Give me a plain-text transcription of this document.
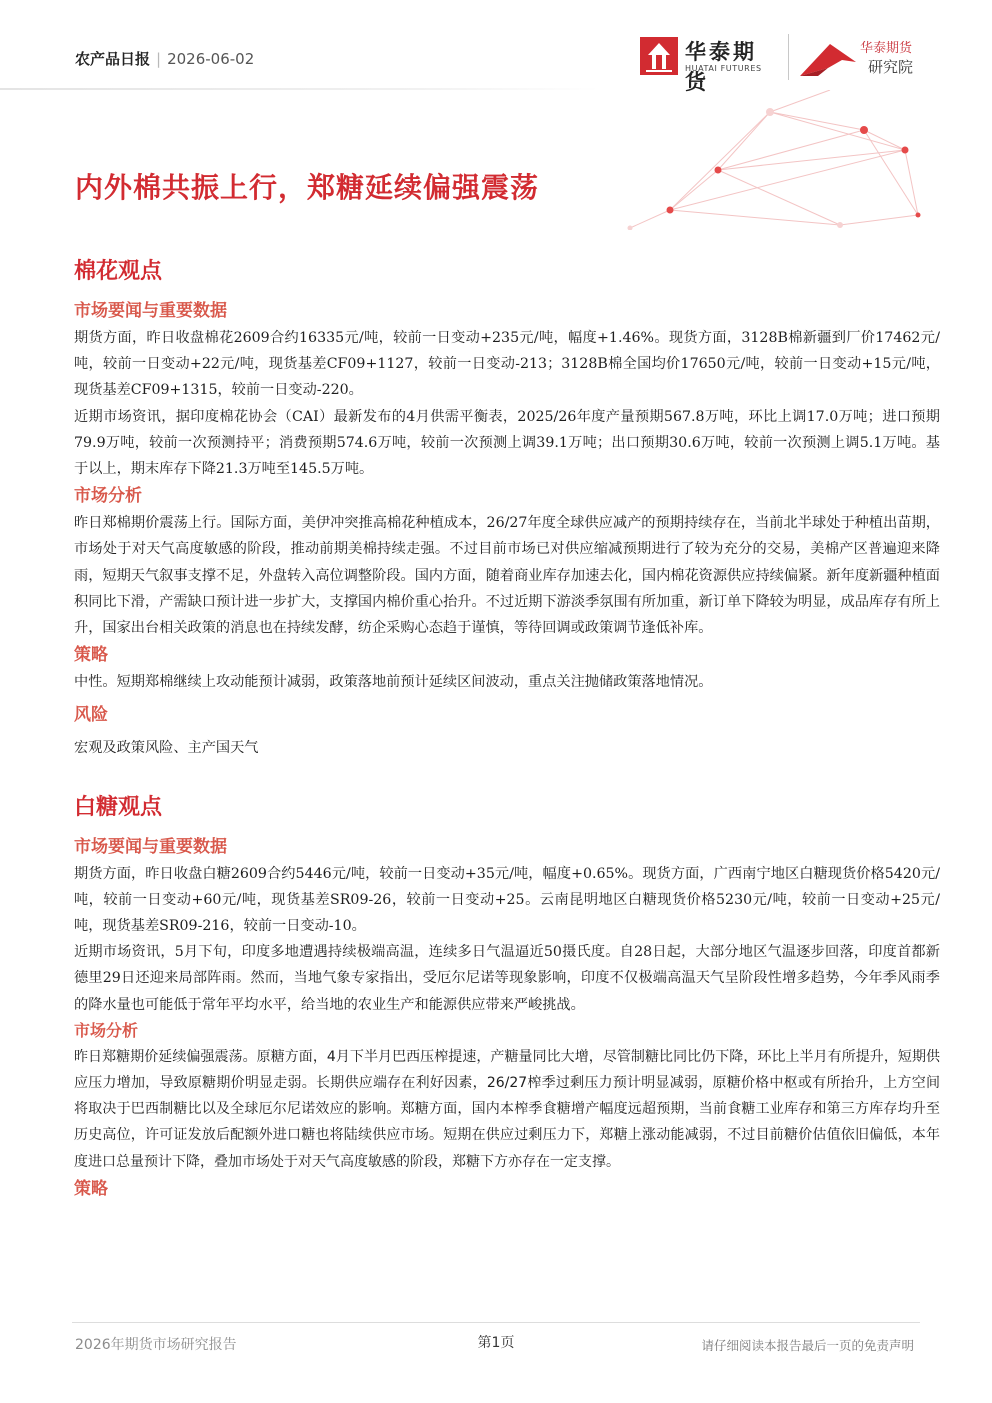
农产品日报 | 2026-06-02	华泰期货
HUATAI FUTURES
华泰期货
研究院
内外棉共振上行，郑糖延续偏强震荡
棉花观点
市场要闻与重要数据

期货方面，昨日收盘棉花2609合约16335元/吨，较前一日变动+235元/吨，幅度+1.46%。现货方面，3128B棉新疆到厂价17462元/吨，较前一日变动+22元/吨，现货基差CF09+1127，较前一日变动-213；3128B棉全国均价17650元/吨，较前一日变动+15元/吨，现货基差CF09+1315，较前一日变动-220。

近期市场资讯，据印度棉花协会（CAI）最新发布的4月供需平衡表，2025/26年度产量预期567.8万吨，环比上调17.0万吨；进口预期79.9万吨，较前一次预测持平；消费预期574.6万吨，较前一次预测上调39.1万吨；出口预期30.6万吨，较前一次预测上调5.1万吨。基于以上，期末库存下降21.3万吨至145.5万吨。

市场分析

昨日郑棉期价震荡上行。国际方面，美伊冲突推高棉花种植成本，26/27年度全球供应减产的预期持续存在，当前北半球处于种植出苗期，市场处于对天气高度敏感的阶段，推动前期美棉持续走强。不过目前市场已对供应缩减预期进行了较为充分的交易，美棉产区普遍迎来降雨，短期天气叙事支撑不足，外盘转入高位调整阶段。国内方面，随着商业库存加速去化，国内棉花资源供应持续偏紧。新年度新疆种植面积同比下滑，产需缺口预计进一步扩大，支撑国内棉价重心抬升。不过近期下游淡季氛围有所加重，新订单下降较为明显，成品库存有所上升，国家出台相关政策的消息也在持续发酵，纺企采购心态趋于谨慎，等待回调或政策调节逢低补库。

策略

中性。短期郑棉继续上攻动能预计减弱，政策落地前预计延续区间波动，重点关注抛储政策落地情况。

风险

宏观及政策风险、主产国天气

白糖观点
市场要闻与重要数据

期货方面，昨日收盘白糖2609合约5446元/吨，较前一日变动+35元/吨，幅度+0.65%。现货方面，广西南宁地区白糖现货价格5420元/吨，较前一日变动+60元/吨，现货基差SR09-26，较前一日变动+25。云南昆明地区白糖现货价格5230元/吨，较前一日变动+25元/吨，现货基差SR09-216，较前一日变动-10。

近期市场资讯，5月下旬，印度多地遭遇持续极端高温，连续多日气温逼近50摄氏度。自28日起，大部分地区气温逐步回落，印度首都新德里29日还迎来局部阵雨。然而，当地气象专家指出，受厄尔尼诺等现象影响，印度不仅极端高温天气呈阶段性增多趋势，今年季风雨季的降水量也可能低于常年平均水平，给当地的农业生产和能源供应带来严峻挑战。

市场分析

昨日郑糖期价延续偏强震荡。原糖方面，4月下半月巴西压榨提速，产糖量同比大增，尽管制糖比同比仍下降，环比上半月有所提升，短期供应压力增加，导致原糖期价明显走弱。长期供应端存在利好因素，26/27榨季过剩压力预计明显减弱，原糖价格中枢或有所抬升，上方空间将取决于巴西制糖比以及全球厄尔尼诺效应的影响。郑糖方面，国内本榨季食糖增产幅度远超预期，当前食糖工业库存和第三方库存均升至历史高位，许可证发放后配额外进口糖也将陆续供应市场。短期在供应过剩压力下，郑糖上涨动能减弱，不过目前糖价估值依旧偏低，本年度进口总量预计下降，叠加市场处于对天气高度敏感的阶段，郑糖下方亦存在一定支撑。

策略
2026年期货市场研究报告	第1页	请仔细阅读本报告最后一页的免责声明
